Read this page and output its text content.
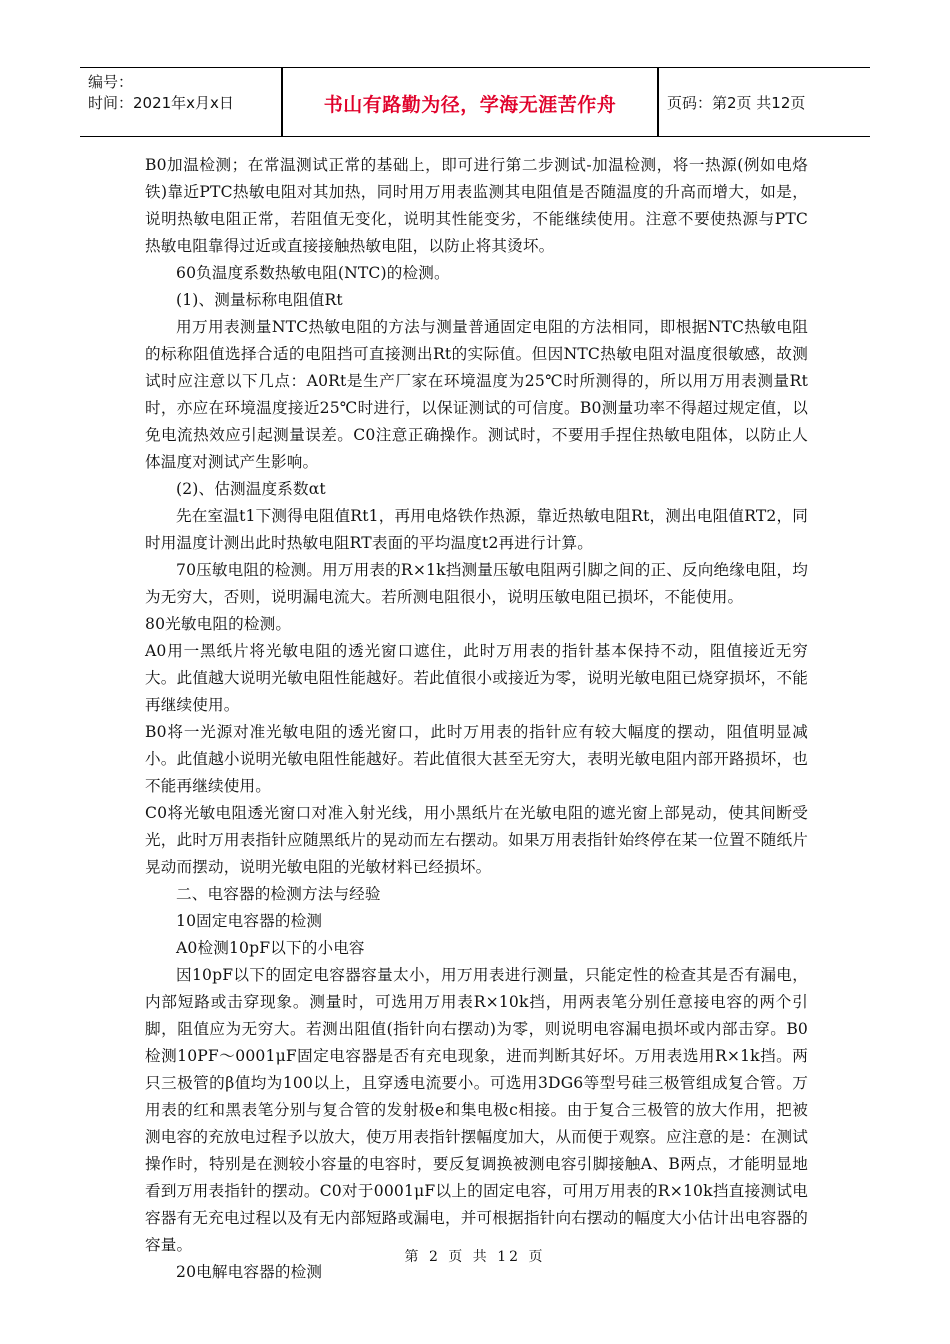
编号：
时间：2021年x月x日	书山有路勤为径，学海无涯苦作舟	页码：第2页 共12页

B0加温检测；在常温测试正常的基础上，即可进行第二步测试-加温检测，将一热源(例如电烙铁)靠近PTC热敏电阻对其加热，同时用万用表监测其电阻值是否随温度的升高而增大，如是，说明热敏电阻正常，若阻值无变化，说明其性能变劣，不能继续使用。注意不要使热源与PTC热敏电阻靠得过近或直接接触热敏电阻，以防止将其烫坏。

60负温度系数热敏电阻(NTC)的检测。

(1)、测量标称电阻值Rt

用万用表测量NTC热敏电阻的方法与测量普通固定电阻的方法相同，即根据NTC热敏电阻的标称阻值选择合适的电阻挡可直接测出Rt的实际值。但因NTC热敏电阻对温度很敏感，故测试时应注意以下几点：A0Rt是生产厂家在环境温度为25℃时所测得的，所以用万用表测量Rt时，亦应在环境温度接近25℃时进行，以保证测试的可信度。B0测量功率不得超过规定值，以免电流热效应引起测量误差。C0注意正确操作。测试时，不要用手捏住热敏电阻体，以防止人体温度对测试产生影响。

(2)、估测温度系数αt

先在室温t1下测得电阻值Rt1，再用电烙铁作热源，靠近热敏电阻Rt，测出电阻值RT2，同时用温度计测出此时热敏电阻RT表面的平均温度t2再进行计算。

70压敏电阻的检测。用万用表的R×1k挡测量压敏电阻两引脚之间的正、反向绝缘电阻，均为无穷大，否则，说明漏电流大。若所测电阻很小，说明压敏电阻已损坏，不能使用。

80光敏电阻的检测。

A0用一黑纸片将光敏电阻的透光窗口遮住，此时万用表的指针基本保持不动，阻值接近无穷大。此值越大说明光敏电阻性能越好。若此值很小或接近为零，说明光敏电阻已烧穿损坏，不能再继续使用。

B0将一光源对准光敏电阻的透光窗口，此时万用表的指针应有较大幅度的摆动，阻值明显减小。此值越小说明光敏电阻性能越好。若此值很大甚至无穷大，表明光敏电阻内部开路损坏，也不能再继续使用。

C0将光敏电阻透光窗口对准入射光线，用小黑纸片在光敏电阻的遮光窗上部晃动，使其间断受光，此时万用表指针应随黑纸片的晃动而左右摆动。如果万用表指针始终停在某一位置不随纸片晃动而摆动，说明光敏电阻的光敏材料已经损坏。

二、电容器的检测方法与经验

10固定电容器的检测

A0检测10pF以下的小电容

因10pF以下的固定电容器容量太小，用万用表进行测量，只能定性的检查其是否有漏电，内部短路或击穿现象。测量时，可选用万用表R×10k挡，用两表笔分别任意接电容的两个引脚，阻值应为无穷大。若测出阻值(指针向右摆动)为零，则说明电容漏电损坏或内部击穿。B0检测10PF～0001μF固定电容器是否有充电现象，进而判断其好坏。万用表选用R×1k挡。两只三极管的β值均为100以上，且穿透电流要小。可选用3DG6等型号硅三极管组成复合管。万用表的红和黑表笔分别与复合管的发射极e和集电极c相接。由于复合三极管的放大作用，把被测电容的充放电过程予以放大，使万用表指针摆幅度加大，从而便于观察。应注意的是：在测试操作时，特别是在测较小容量的电容时，要反复调换被测电容引脚接触A、B两点，才能明显地看到万用表指针的摆动。C0对于0001μF以上的固定电容，可用万用表的R×10k挡直接测试电容器有无充电过程以及有无内部短路或漏电，并可根据指针向右摆动的幅度大小估计出电容器的容量。

20电解电容器的检测

第 2 页 共 12 页
